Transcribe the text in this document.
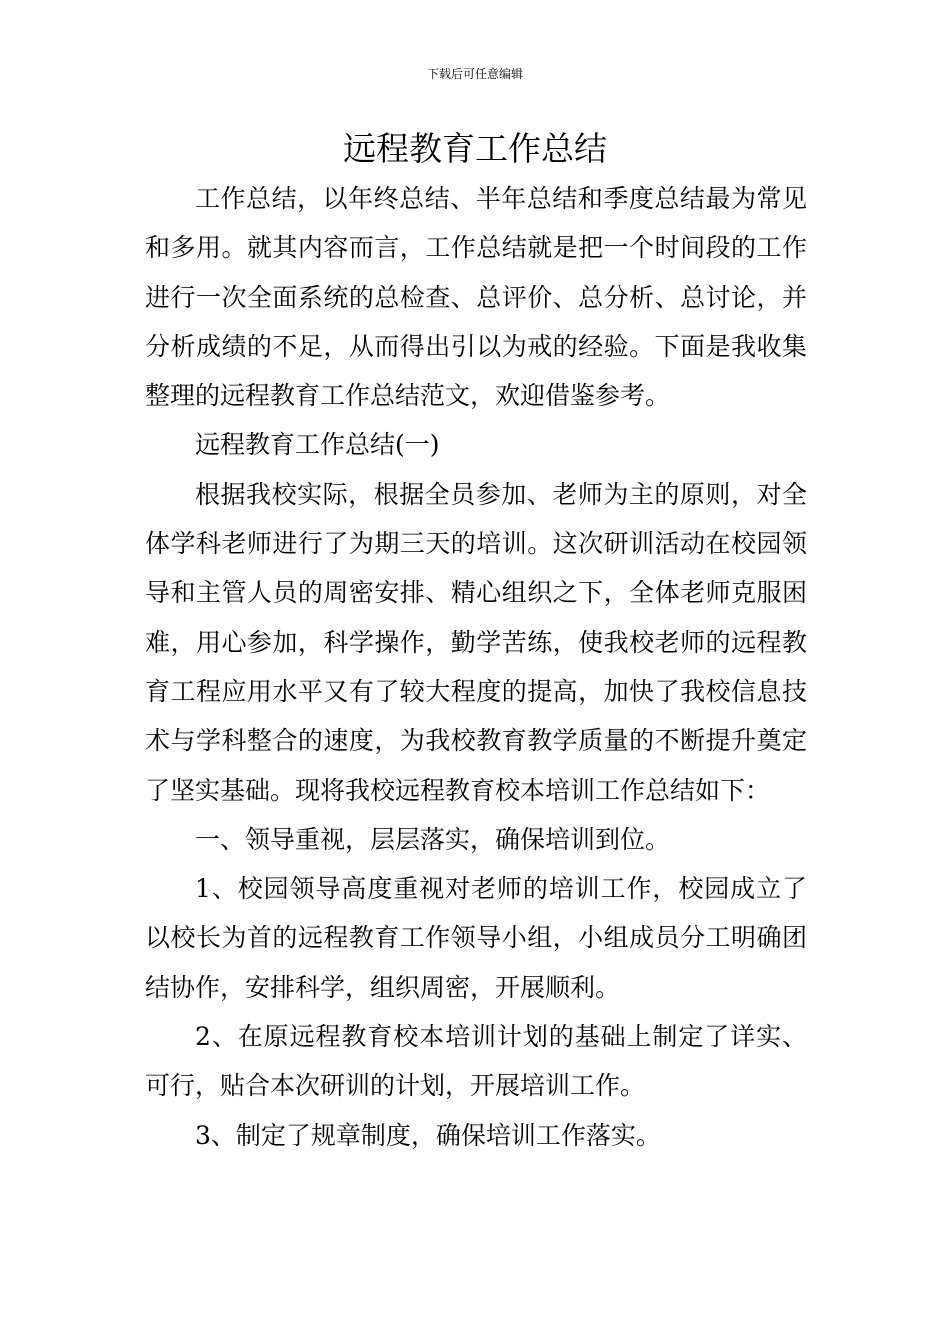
下载后可任意编辑
远程教育工作总结

工作总结，以年终总结、半年总结和季度总结最为常见和多用。就其内容而言，工作总结就是把一个时间段的工作进行一次全面系统的总检查、总评价、总分析、总讨论，并分析成绩的不足，从而得出引以为戒的经验。下面是我收集整理的远程教育工作总结范文，欢迎借鉴参考。

远程教育工作总结(一)

根据我校实际，根据全员参加、老师为主的原则，对全体学科老师进行了为期三天的培训。这次研训活动在校园领导和主管人员的周密安排、精心组织之下，全体老师克服困难，用心参加，科学操作，勤学苦练，使我校老师的远程教育工程应用水平又有了较大程度的提高，加快了我校信息技术与学科整合的速度，为我校教育教学质量的不断提升奠定了坚实基础。现将我校远程教育校本培训工作总结如下：

一、领导重视，层层落实，确保培训到位。

1、校园领导高度重视对老师的培训工作，校园成立了以校长为首的远程教育工作领导小组，小组成员分工明确团结协作，安排科学，组织周密，开展顺利。

2、在原远程教育校本培训计划的基础上制定了详实、可行，贴合本次研训的计划，开展培训工作。

3、制定了规章制度，确保培训工作落实。
